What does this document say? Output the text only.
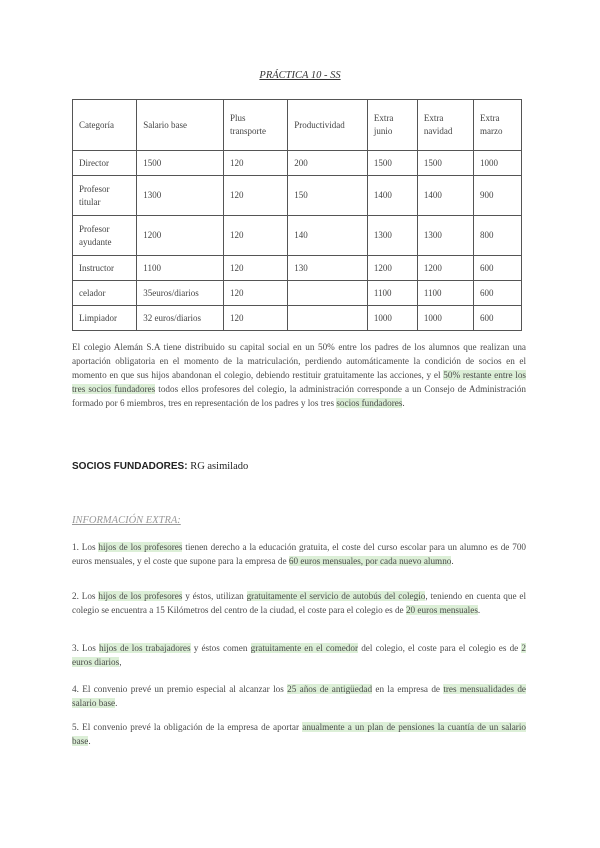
PRÁCTICA 10 - SS
Categoría	Salario base	Plus transporte	Productividad	Extra junio	Extra navidad	Extra marzo
Director	1500	120	200	1500	1500	1000
Profesor titular	1300	120	150	1400	1400	900
Profesor ayudante	1200	120	140	1300	1300	800
Instructor	1100	120	130	1200	1200	600
celador	35euros/diarios	120		1100	1100	600
Limpiador	32 euros/diarios	120		1000	1000	600

El colegio Alemán S.A tiene distribuido su capital social en un 50% entre los padres de los alumnos que realizan una aportación obligatoria en el momento de la matriculación, perdiendo automáticamente la condición de socios en el momento en que sus hijos abandonan el colegio, debiendo restituir gratuitamente las acciones, y el 50% restante entre los tres socios fundadores todos ellos profesores del colegio, la administración corresponde a un Consejo de Administración formado por 6 miembros, tres en representación de los padres y los tres socios fundadores.

SOCIOS FUNDADORES: RG asimilado
INFORMACIÓN EXTRA:

1. Los hijos de los profesores tienen derecho a la educación gratuita, el coste del curso escolar para un alumno es de 700 euros mensuales, y el coste que supone para la empresa de 60 euros mensuales, por cada nuevo alumno.

2. Los hijos de los profesores y éstos, utilizan gratuitamente el servicio de autobús del colegio, teniendo en cuenta que el colegio se encuentra a 15 Kilómetros del centro de la ciudad, el coste para el colegio es de 20 euros mensuales.

3. Los hijos de los trabajadores y éstos comen gratuitamente en el comedor del colegio, el coste para el colegio es de 2 euros diarios,

4. El convenio prevé un premio especial al alcanzar los 25 años de antigüedad en la empresa de tres mensualidades de salario base.

5. El convenio prevé la obligación de la empresa de aportar anualmente a un plan de pensiones la cuantía de un salario base.
